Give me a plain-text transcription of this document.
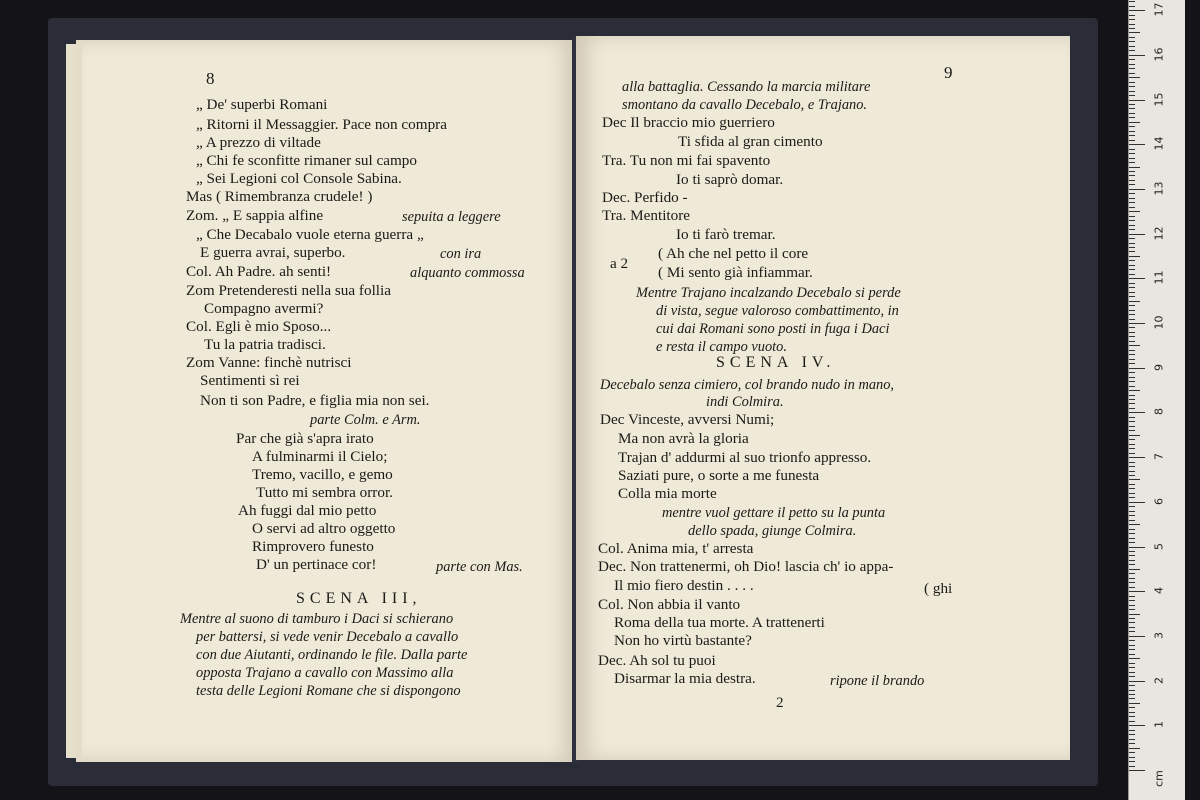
8
SCENA III,
„ De' superbi Romani
„ Ritorni il Messaggier. Pace non compra
„ A prezzo di viltade
„ Chi fe sconfitte rimaner sul campo
„ Sei Legioni col Console Sabina.
Mas ( Rimembranza crudele! )
Zom. „ E sappia alfine
„ Che Decabalo vuole eterna guerra „
E guerra avrai, superbo.
Col. Ah Padre. ah senti!
Zom Pretenderesti nella sua follia
Compagno avermi?
Col. Egli è mio Sposo...
Tu la patria tradisci.
Zom Vanne: finchè nutrisci
Sentimenti sì rei
Non ti son Padre, e figlia mia non sei.
Par che già s'apra irato
A fulminarmi il Cielo;
Tremo, vacillo, e gemo
Tutto mi sembra orror.
Ah fuggi dal mio petto
O servi ad altro oggetto
Rimprovero funesto
D' un pertinace cor!
sepuita a leggere
con ira
alquanto commossa
parte Colm. e Arm.
parte con Mas.
Mentre al suono di tamburo i Daci si schierano
per battersi, si vede venir Decebalo a cavallo
con due Aiutanti, ordinando le file. Dalla parte
opposta Trajano a cavallo con Massimo alla
testa delle Legioni Romane che si dispongono
9
SCENA IV.
2
Dec Il braccio mio guerriero
Ti sfida al gran cimento
Tra. Tu non mi fai spavento
Io ti saprò domar.
Dec. Perfido -
Tra. Mentitore
Io ti farò tremar.
( Ah che nel petto il core
a 2
( Mi sento già infiammar.
Dec Vinceste, avversi Numi;
Ma non avrà la gloria
Trajan d' addurmi al suo trionfo appresso.
Saziati pure, o sorte a me funesta
Colla mia morte
Col. Anima mia, t' arresta
Dec. Non trattenermi, oh Dio! lascia ch' io appa-
Il mio fiero destin . . . .	( ghi
Col. Non abbia il vanto
Roma della tua morte. A trattenerti
Non ho virtù bastante?
Dec. Ah sol tu puoi
Disarmar la mia destra.
alla battaglia. Cessando la marcia militare
smontano da cavallo Decebalo, e Trajano.
Mentre Trajano incalzando Decebalo si perde
di vista, segue valoroso combattimento, in
cui dai Romani sono posti in fuga i Daci
e resta il campo vuoto.
Decebalo senza cimiero, col brando nudo in mano,
indi Colmira.
mentre vuol gettare il petto su la punta
dello spada, giunge Colmira.
ripone il brando
1
2
3
4
5
6
7
8
9
10
11
12
13
14
15
16
17
cm
